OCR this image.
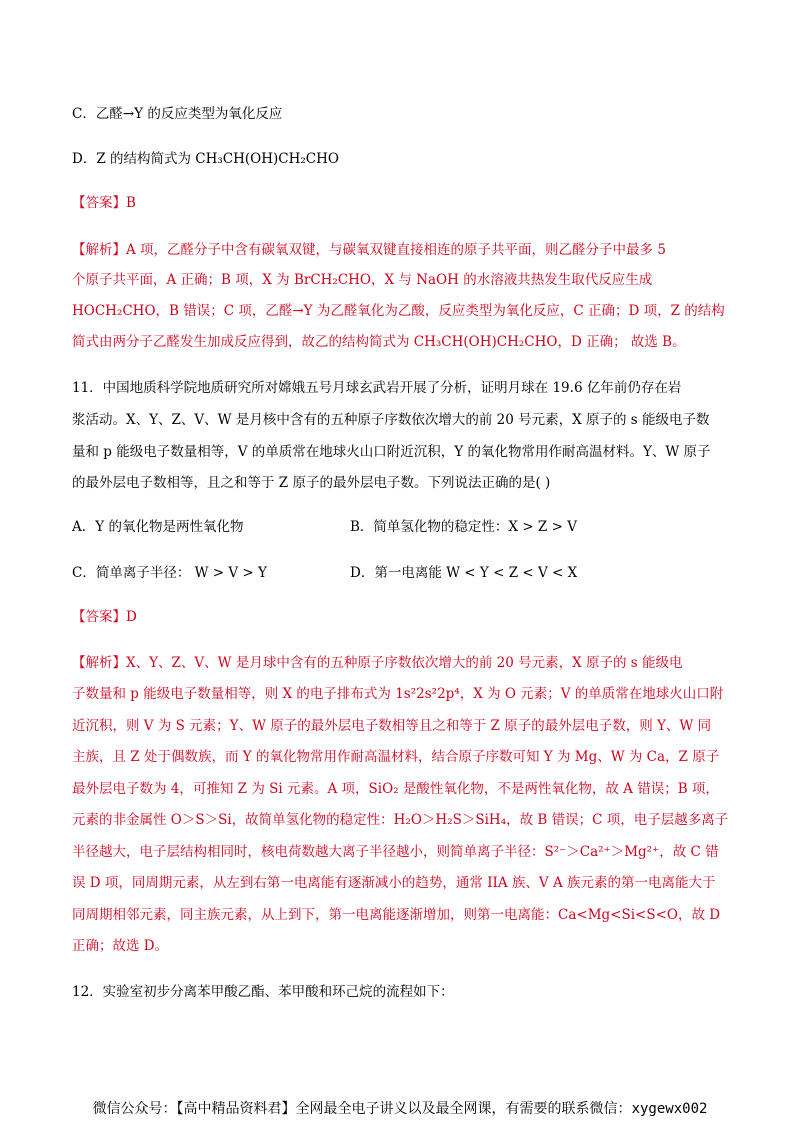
C．乙醛→Y 的反应类型为氧化反应
D．Z 的结构简式为 CH₃CH(OH)CH₂CHO
【答案】B
【解析】A 项，乙醛分子中含有碳氧双键，与碳氧双键直接相连的原子共平面，则乙醛分子中最多 5
个原子共平面，A 正确；B 项，X 为 BrCH₂CHO，X 与 NaOH 的水溶液共热发生取代反应生成
HOCH₂CHO，B 错误；C 项，乙醛→Y 为乙醛氧化为乙酸，反应类型为氧化反应，C 正确；D 项，Z 的结构
简式由两分子乙醛发生加成反应得到，故乙的结构简式为 CH₃CH(OH)CH₂CHO，D 正确； 故选 B。
11．中国地质科学院地质研究所对嫦娥五号月球玄武岩开展了分析，证明月球在 19.6 亿年前仍存在岩
浆活动。X、Y、Z、V、W 是月核中含有的五种原子序数依次增大的前 20 号元素，X 原子的 s 能级电子数
量和 p 能级电子数量相等，V 的单质常在地球火山口附近沉积，Y 的氧化物常用作耐高温材料。Y、W 原子
的最外层电子数相等，且之和等于 Z 原子的最外层电子数。下列说法正确的是( )
A．Y 的氧化物是两性氧化物	B．简单氢化物的稳定性：X > Z > V
C．简单离子半径： W > V > Y	D．第一电离能 W < Y < Z < V < X
【答案】D
【解析】X、Y、Z、V、W 是月球中含有的五种原子序数依次增大的前 20 号元素，X 原子的 s 能级电
子数量和 p 能级电子数量相等，则 X 的电子排布式为 1s²2s²2p⁴，X 为 O 元素；V 的单质常在地球火山口附
近沉积，则 V 为 S 元素；Y、W 原子的最外层电子数相等且之和等于 Z 原子的最外层电子数，则 Y、W 同
主族，且 Z 处于偶数族，而 Y 的氧化物常用作耐高温材料，结合原子序数可知 Y 为 Mg、W 为 Ca，Z 原子
最外层电子数为 4，可推知 Z 为 Si 元素。A 项，SiO₂ 是酸性氧化物，不是两性氧化物，故 A 错误；B 项，
元素的非金属性 O＞S＞Si，故简单氢化物的稳定性：H₂O＞H₂S＞SiH₄，故 B 错误；C 项，电子层越多离子
半径越大，电子层结构相同时，核电荷数越大离子半径越小，则简单离子半径：S²⁻＞Ca²⁺＞Mg²⁺，故 C 错
误 D 项，同周期元素，从左到右第一电离能有逐渐减小的趋势，通常 IIA 族、V A 族元素的第一电离能大于
同周期相邻元素，同主族元素，从上到下，第一电离能逐渐增加，则第一电离能：Ca<Mg<Si<S<O，故 D
正确；故选 D。
12．实验室初步分离苯甲酸乙酯、苯甲酸和环己烷的流程如下：
微信公众号：【高中精品资料君】全网最全电子讲义以及最全网课，有需要的联系微信：xygewx002
